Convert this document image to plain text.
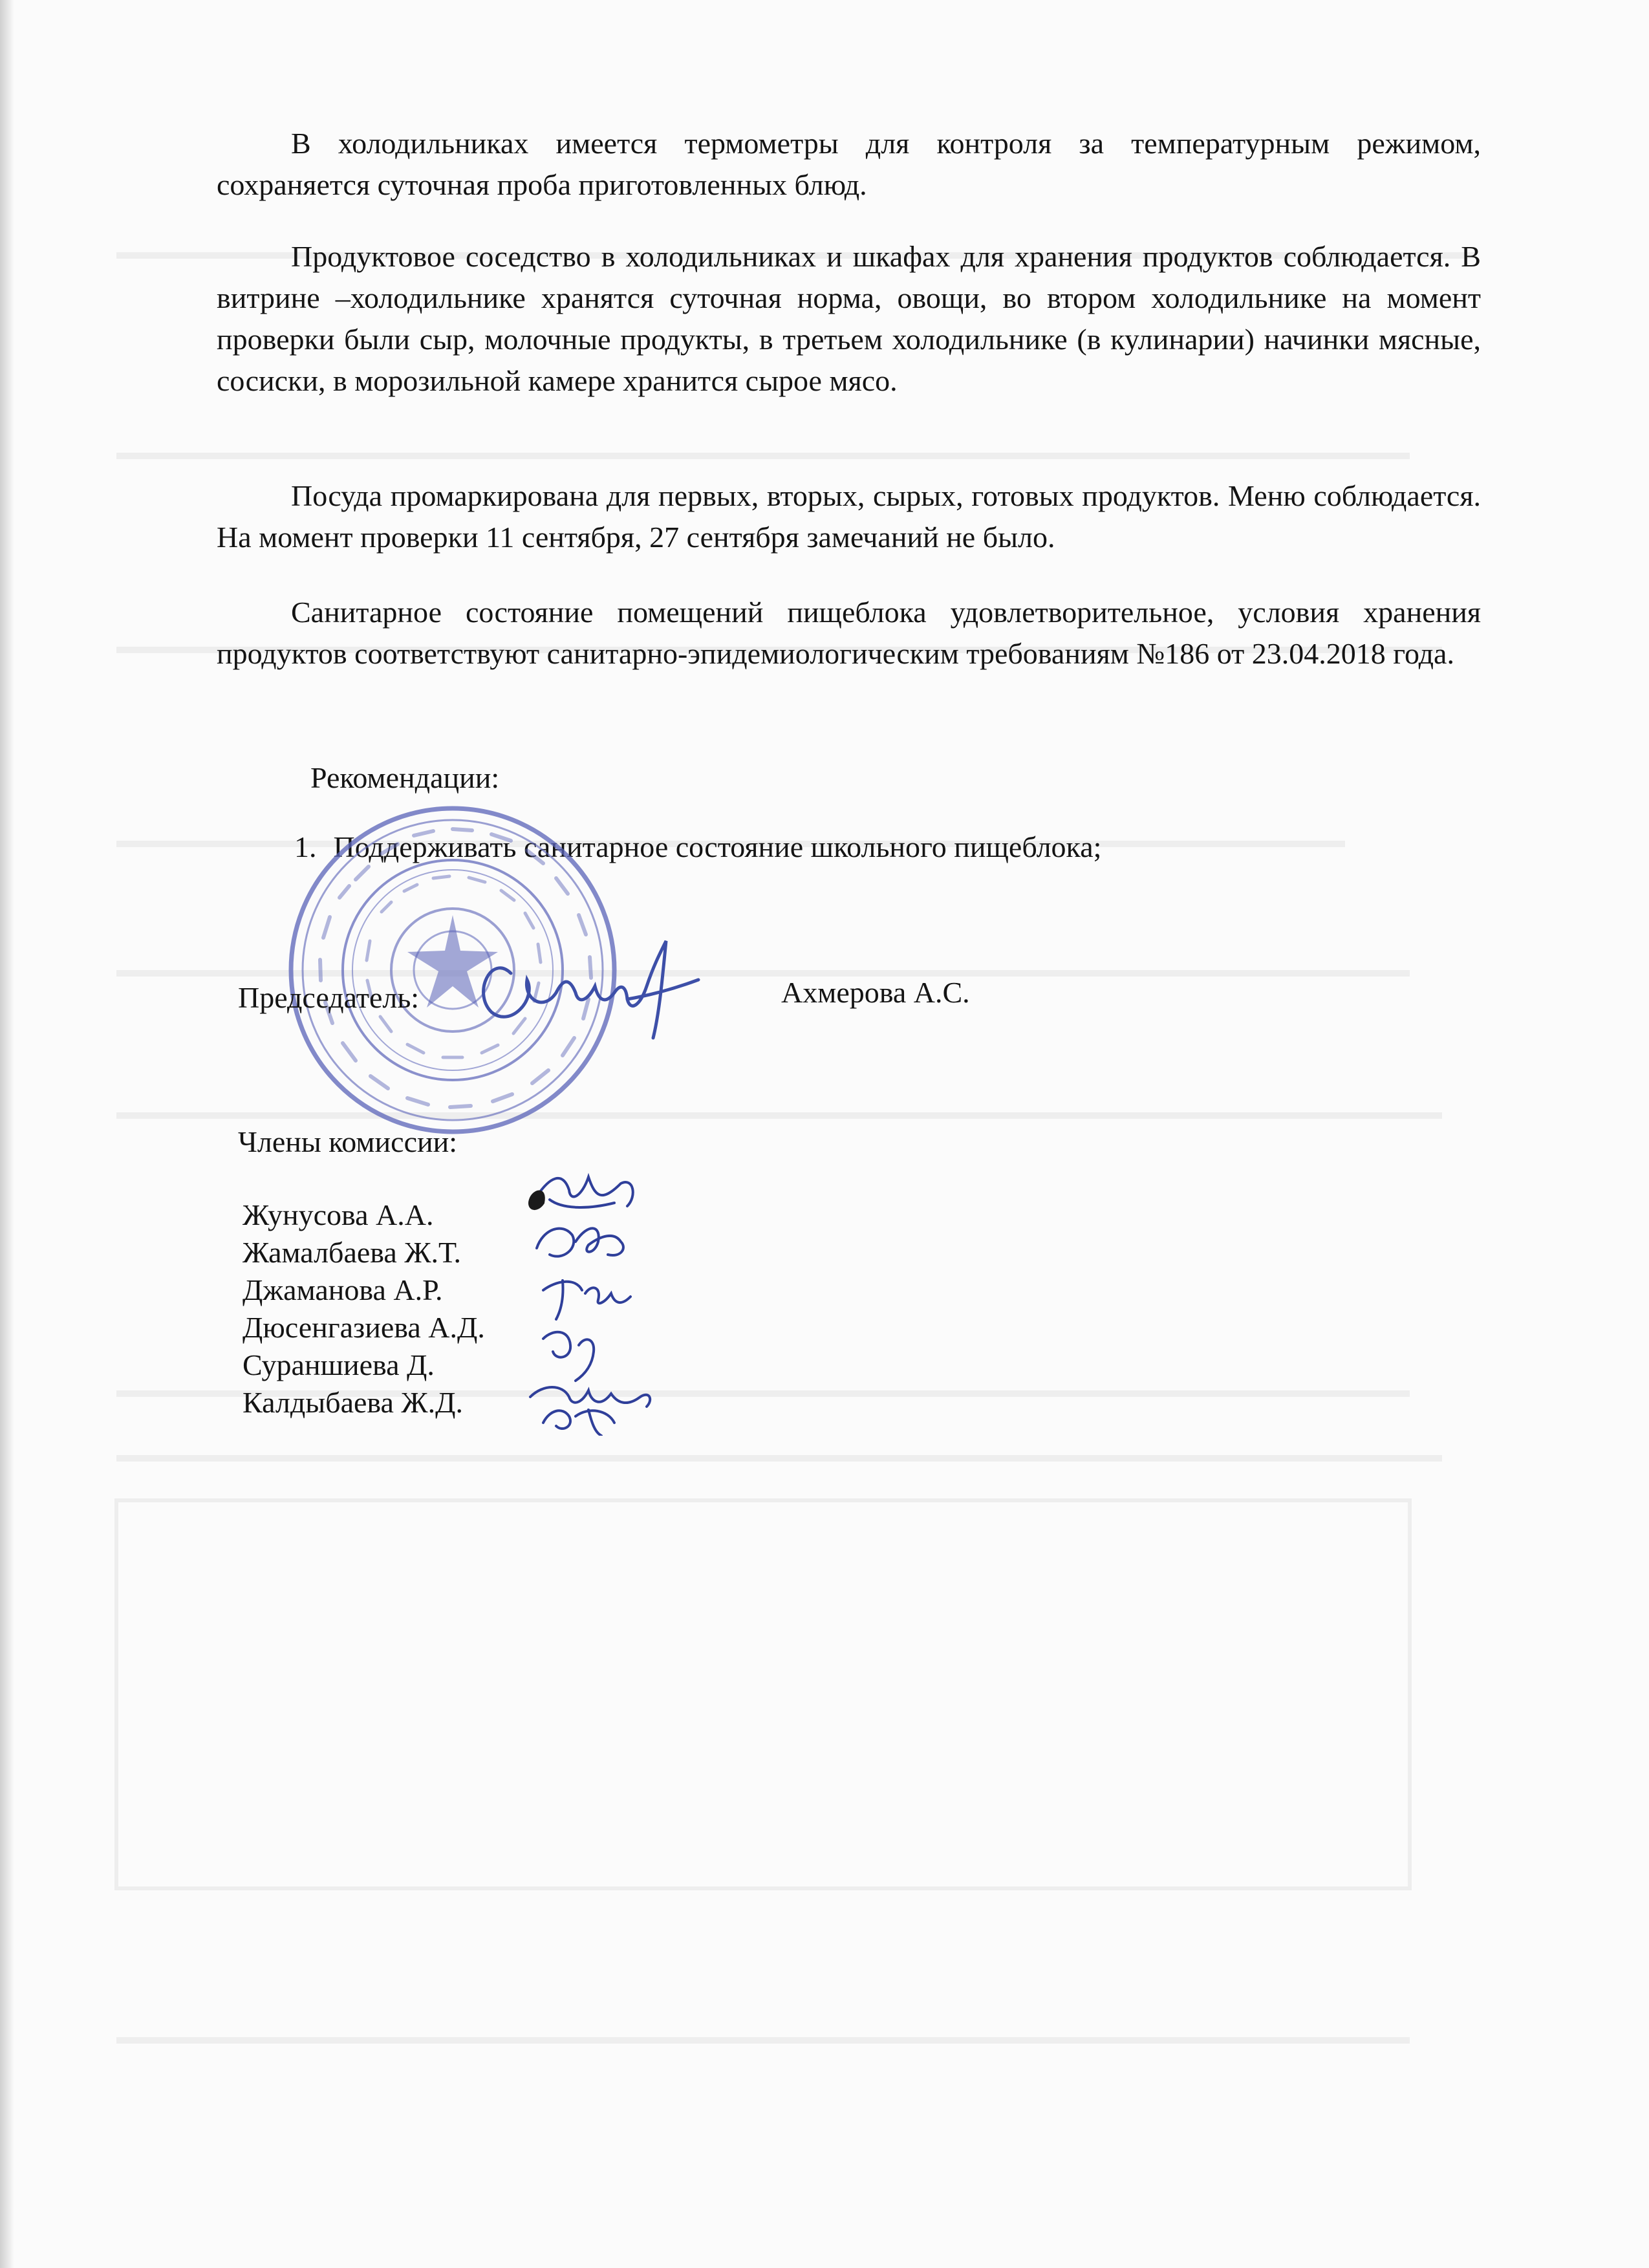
В холодильниках имеется термометры для контроля за температурным режимом, сохраняется суточная проба приготовленных блюд.
Продуктовое соседство в холодильниках и шкафах для хранения продуктов соблюдается. В витрине –холодильнике хранятся суточная норма, овощи, во втором холодильнике на момент проверки были сыр, молочные продукты, в третьем холодильнике (в кулинарии) начинки мясные, сосиски, в морозильной камере хранится сырое мясо.
Посуда промаркирована для первых, вторых, сырых, готовых продуктов. Меню соблюдается. На момент проверки 11 сентября, 27 сентября замечаний не было.
Санитарное состояние помещений пищеблока удовлетворительное, условия хранения продуктов соответствуют санитарно-эпидемиологическим требованиям №186 от 23.04.2018 года.
Рекомендации:
1. Поддерживать санитарное состояние школьного пищеблока;
Председатель:	Ахмерова А.С.
Члены комиссии:
Жунусова А.А.
Жамалбаева Ж.Т.
Джаманова А.Р.
Дюсенгазиева А.Д.
Сураншиева Д.
Калдыбаева Ж.Д.
